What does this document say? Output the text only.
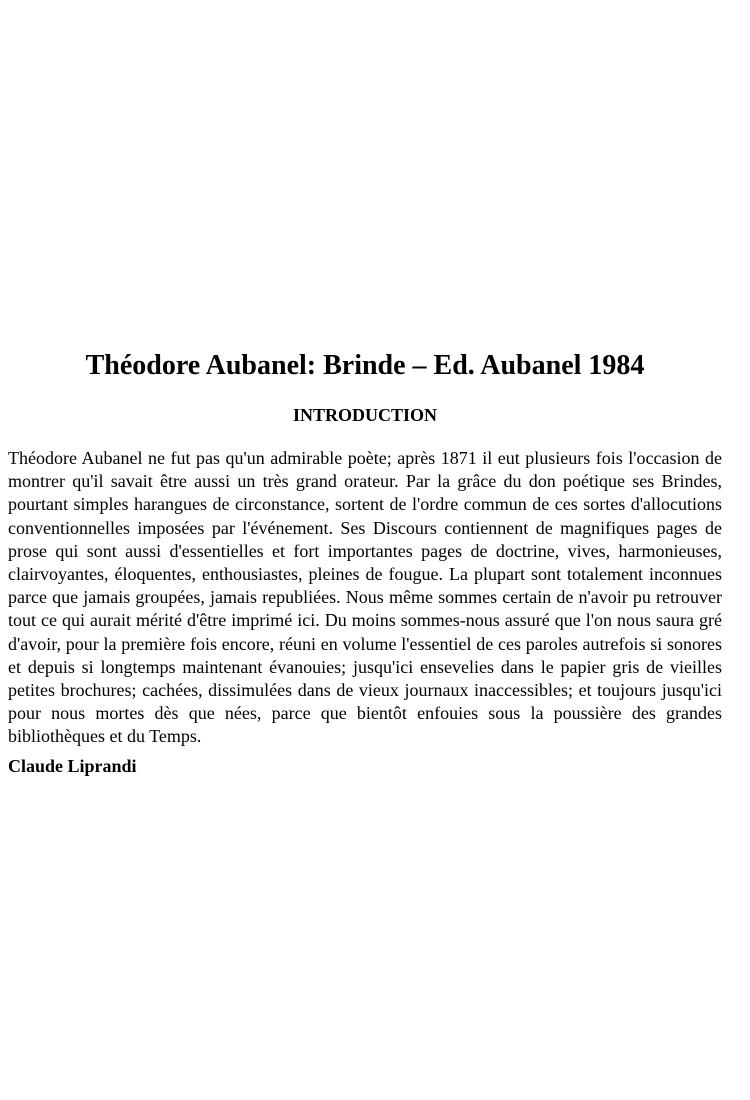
Théodore Aubanel: Brinde – Ed. Aubanel 1984
INTRODUCTION

Théodore Aubanel ne fut pas qu'un admirable poète; après 1871 il eut plusieurs fois l'occasion de montrer qu'il savait être aussi un très grand orateur. Par la grâce du don poétique ses Brindes, pourtant simples harangues de circonstance, sortent de l'ordre commun de ces sortes d'allocutions conventionnelles imposées par l'événement. Ses Discours contiennent de magnifiques pages de prose qui sont aussi d'essentielles et fort importantes pages de doctrine, vives, harmonieuses, clairvoyantes, éloquentes, enthousiastes, pleines de fougue. La plupart sont totalement inconnues parce que jamais groupées, jamais republiées. Nous même sommes certain de n'avoir pu retrouver tout ce qui aurait mérité d'être imprimé ici. Du moins sommes-nous assuré que l'on nous saura gré d'avoir, pour la première fois encore, réuni en volume l'essentiel de ces paroles autrefois si sonores et depuis si longtemps maintenant évanouies; jusqu'ici ensevelies dans le papier gris de vieilles petites brochures; cachées, dissimulées dans de vieux journaux inaccessibles; et toujours jusqu'ici pour nous mortes dès que nées, parce que bientôt enfouies sous la poussière des grandes bibliothèques et du Temps.

Claude Liprandi
